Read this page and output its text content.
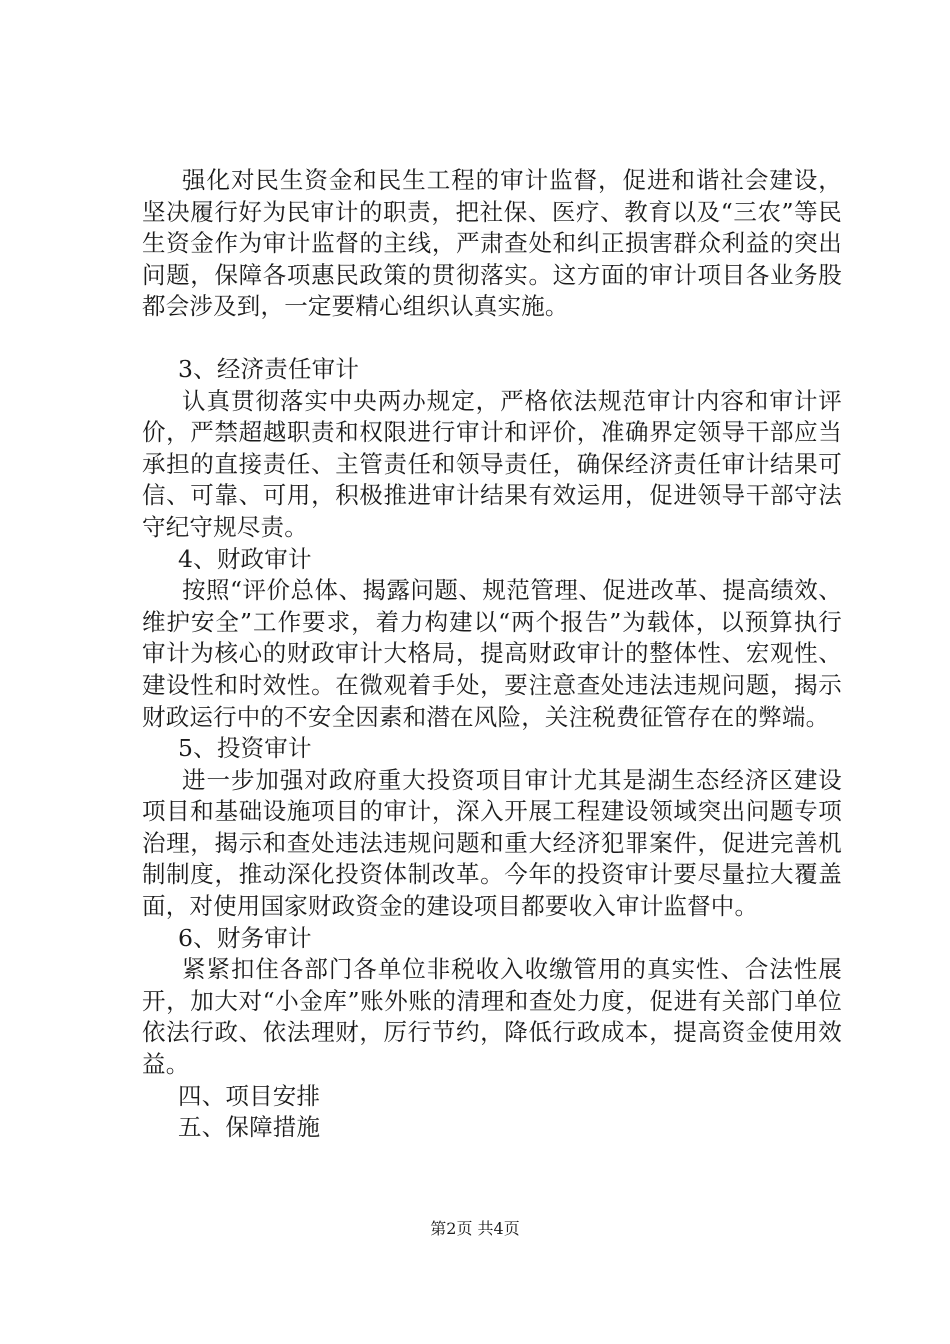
强化对民生资金和民生工程的审计监督，促进和谐社会建设，坚决履行好为民审计的职责，把社保、医疗、教育以及“三农”等民生资金作为审计监督的主线，严肃查处和纠正损害群众利益的突出问题，保障各项惠民政策的贯彻落实。这方面的审计项目各业务股都会涉及到，一定要精心组织认真实施。

3、经济责任审计

认真贯彻落实中央两办规定，严格依法规范审计内容和审计评价，严禁超越职责和权限进行审计和评价，准确界定领导干部应当承担的直接责任、主管责任和领导责任，确保经济责任审计结果可信、可靠、可用，积极推进审计结果有效运用，促进领导干部守法守纪守规尽责。

4、财政审计

按照“评价总体、揭露问题、规范管理、促进改革、提高绩效、维护安全”工作要求，着力构建以“两个报告”为载体，以预算执行审计为核心的财政审计大格局，提高财政审计的整体性、宏观性、建设性和时效性。在微观着手处，要注意查处违法违规问题，揭示财政运行中的不安全因素和潜在风险，关注税费征管存在的弊端。

5、投资审计

进一步加强对政府重大投资项目审计尤其是湖生态经济区建设项目和基础设施项目的审计，深入开展工程建设领域突出问题专项治理，揭示和查处违法违规问题和重大经济犯罪案件，促进完善机制制度，推动深化投资体制改革。今年的投资审计要尽量拉大覆盖面，对使用国家财政资金的建设项目都要收入审计监督中。

6、财务审计

紧紧扣住各部门各单位非税收入收缴管用的真实性、合法性展开，加大对“小金库”账外账的清理和查处力度，促进有关部门单位依法行政、依法理财，厉行节约，降低行政成本，提高资金使用效益。

四、项目安排

五、保障措施

第2页 共4页
